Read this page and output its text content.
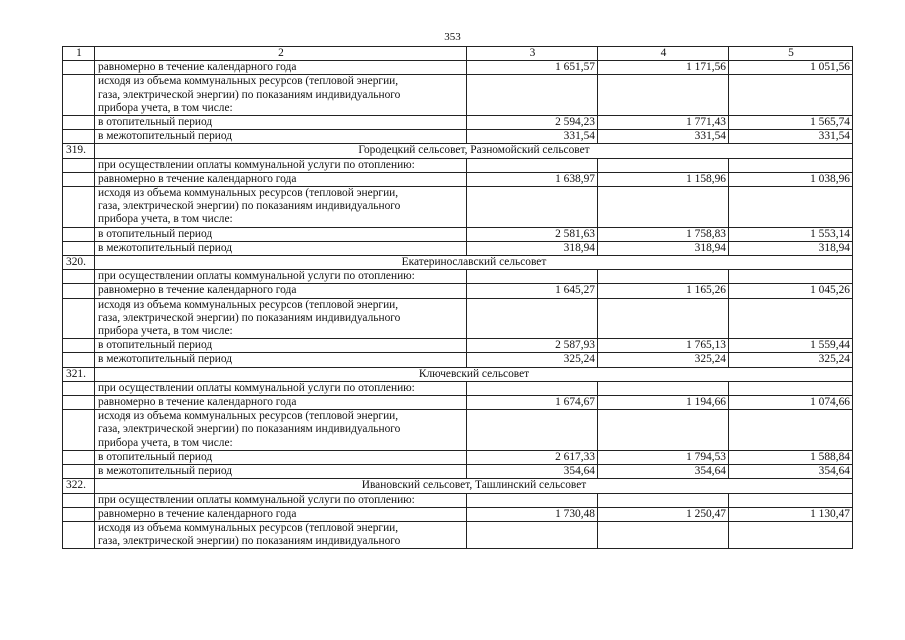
353
1	2	3	4	5
	равномерно в течение календарного года	1 651,57	1 171,56	1 051,56

	исходя из объема коммунальных ресурсов (тепловой энергии,
газа, электрической энергии) по показаниям индивидуального
прибора учета, в том числе:			

	в отопительный период	2 594,23	1 771,43	1 565,74
	в межотопительный период	331,54	331,54	331,54
319.	Городецкий сельсовет, Разномойский сельсовет			
	при осуществлении оплаты коммунальной услуги по отоплению:			
	равномерно в течение календарного года	1 638,97	1 158,96	1 038,96

	исходя из объема коммунальных ресурсов (тепловой энергии,
газа, электрической энергии) по показаниям индивидуального
прибора учета, в том числе:			

	в отопительный период	2 581,63	1 758,83	1 553,14
	в межотопительный период	318,94	318,94	318,94
320.	Екатериноcлавский сельсовет			
	при осуществлении оплаты коммунальной услуги по отоплению:			
	равномерно в течение календарного года	1 645,27	1 165,26	1 045,26

	исходя из объема коммунальных ресурсов (тепловой энергии,
газа, электрической энергии) по показаниям индивидуального
прибора учета, в том числе:			

	в отопительный период	2 587,93	1 765,13	1 559,44
	в межотопительный период	325,24	325,24	325,24
321.	Ключевский сельсовет			
	при осуществлении оплаты коммунальной услуги по отоплению:			
	равномерно в течение календарного года	1 674,67	1 194,66	1 074,66

	исходя из объема коммунальных ресурсов (тепловой энергии,
газа, электрической энергии) по показаниям индивидуального
прибора учета, в том числе:			

	в отопительный период	2 617,33	1 794,53	1 588,84
	в межотопительный период	354,64	354,64	354,64
322.	Ивановский сельсовет, Ташлинский сельсовет			
	при осуществлении оплаты коммунальной услуги по отоплению:			
	равномерно в течение календарного года	1 730,48	1 250,47	1 130,47

	исходя из объема коммунальных ресурсов (тепловой энергии,
газа, электрической энергии) по показаниям индивидуального			
